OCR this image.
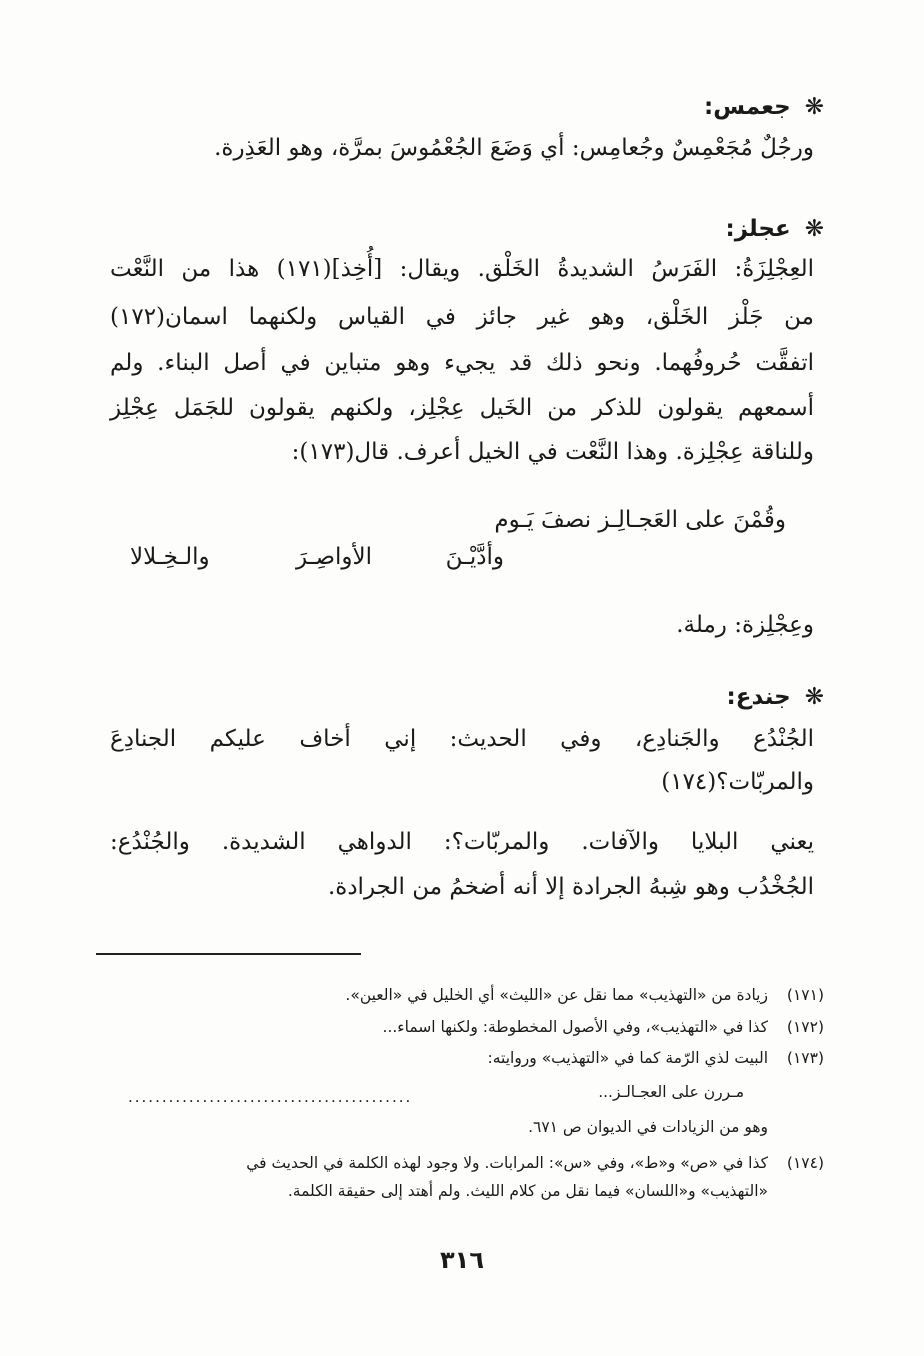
❋جعمس:
ورجُلٌ مُجَعْمِسٌ وجُعامِس: أي وَضَعَ الجُعْمُوسَ بمرَّة، وهو العَذِرة.
❋عجلز:
العِجْلِزَةُ: الفَرَسُ الشديدةُ الخَلْق. ويقال: [أُخِذ](١٧١) هذا من النَّعْت
من جَلْز الخَلْق، وهو غير جائز في القياس ولكنهما اسمان(١٧٢)
اتفقَّت حُروفُهما. ونحو ذلك قد يجيء وهو متباين في أصل البناء. ولم
أسمعهم يقولون للذكر من الخَيل عِجْلِز، ولكنهم يقولون للجَمَل عِجْلِز
وللناقة عِجْلِزة. وهذا النَّعْت في الخيل أعرف. قال(١٧٣):
وقُمْنَ على العَجـالِـز نصفَ يَـوم
وأدَّيْـنَ
الأواصِـرَ
والـخِـلالا
وعِجْلِزة: رملة.
❋جندع:
الجُنْدُع والجَنادِع، وفي الحديث: إني أخاف عليكم الجنادِعَ
والمربّات؟(١٧٤)
يعني البلايا والآفات. والمربّات؟: الدواهي الشديدة. والجُنْدُع:
الجُخْدُب وهو شِبهُ الجرادة إلا أنه أضخمُ من الجرادة.
(١٧١)زيادة من «التهذيب» مما نقل عن «الليث» أي الخليل في «العين».
(١٧٢)كذا في «التهذيب»، وفي الأصول المخطوطة: ولكنها اسماء...
(١٧٣)البيت لذي الرّمة كما في «التهذيب» وروايته:
مـررن على العجـالـز...
..........................................
وهو من الزيادات في الديوان ص ٦٧١.
(١٧٤)كذا في «ص» و«ط»، وفي «س»: المرابات. ولا وجود لهذه الكلمة في الحديث في
«التهذيب» و«اللسان» فيما نقل من كلام الليث. ولم أهتد إلى حقيقة الكلمة.
٣١٦
